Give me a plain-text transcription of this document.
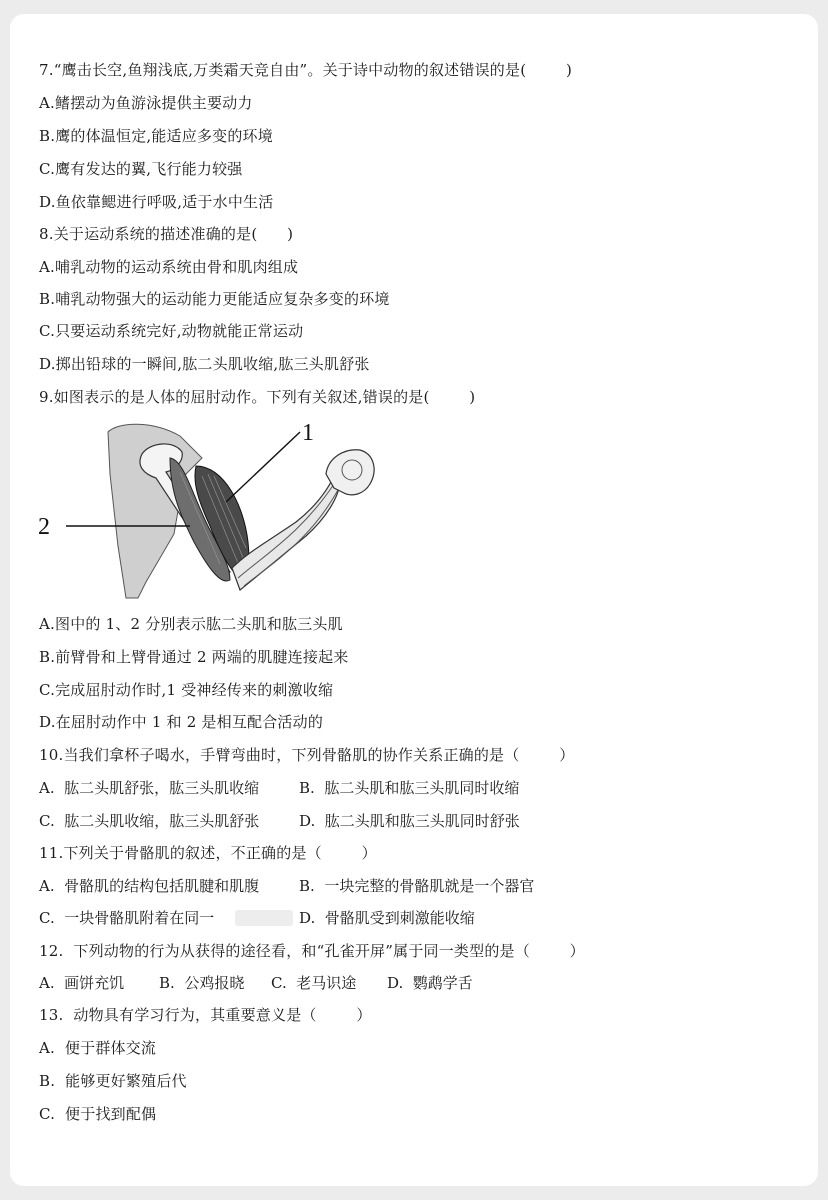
7.“鹰击长空,鱼翔浅底,万类霜天竞自由”。关于诗中动物的叙述错误的是(        )
A.鳍摆动为鱼游泳提供主要动力
B.鹰的体温恒定,能适应多变的环境
C.鹰有发达的翼,飞行能力较强
D.鱼依靠鳃进行呼吸,适于水中生活
8.关于运动系统的描述准确的是(      )
A.哺乳动物的运动系统由骨和肌肉组成
B.哺乳动物强大的运动能力更能适应复杂多变的环境
C.只要运动系统完好,动物就能正常运动
D.掷出铅球的一瞬间,肱二头肌收缩,肱三头肌舒张
9.如图表示的是人体的屈肘动作。下列有关叙述,错误的是(        )
1
2
A.图中的 1、2 分别表示肱二头肌和肱三头肌
B.前臂骨和上臂骨通过 2 两端的肌腱连接起来
C.完成屈肘动作时,1 受神经传来的刺激收缩
D.在屈肘动作中 1 和 2 是相互配合活动的
10.当我们拿杯子喝水，手臂弯曲时，下列骨骼肌的协作关系正确的是（        ）

A.  肱二头肌舒张，肱三头肌收缩

	B.  肱二头肌和肱三头肌同时收缩

C.  肱二头肌收缩，肱三头肌舒张

	D.  肱二头肌和肱三头肌同时舒张

11.下列关于骨骼肌的叙述，不正确的是（        ）

A.  骨骼肌的结构包括肌腱和肌腹

	B.  一块完整的骨骼肌就是一个器官

C.  一块骨骼肌附着在同一

	D.  骨骼肌受到刺激能收缩

12.  下列动物的行为从获得的途径看，和“孔雀开屏”属于同一类型的是（        ）

A.  画饼充饥

B.  公鸡报晓

C.  老马识途

D.  鹦鹉学舌

13.  动物具有学习行为，其重要意义是（        ）
A.  便于群体交流
B.  能够更好繁殖后代
C.  便于找到配偶
